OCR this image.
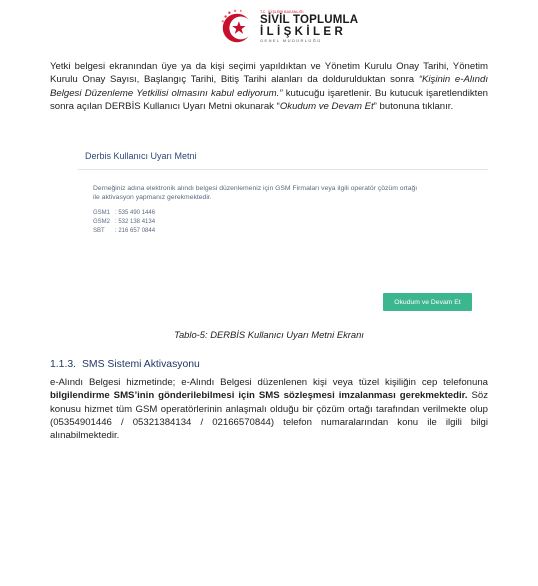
T.C. İÇİŞLERİ BAKANLIĞI
SİVİL TOPLUMLA
İLİŞKİLER
GENEL MÜDÜRLÜĞÜ
Yetki belgesi ekranından üye ya da kişi seçimi yapıldıktan ve Yönetim Kurulu Onay Tarihi, Yönetim Kurulu Onay Sayısı, Başlangıç Tarihi, Bitiş Tarihi alanları da doldurulduktan sonra “Kişinin e-Alındı Belgesi Düzenleme Yetkilisi olmasını kabul ediyorum.” kutucuğu işaretlenir. Bu kutucuk işaretlendikten sonra açılan DERBİS Kullanıcı Uyarı Metni okunarak “Okudum ve Devam Et” butonuna tıklanır.
Derbis Kullanıcı Uyarı Metni
Derneğiniz adına elektronik alındı belgesi düzenlemeniz için GSM Firmaları veya ilgili operatör çözüm ortağı ile aktivasyon yapmanız gerekmektedir.
GSM1 : 535 490 1446
GSM2 : 532 138 4134
SBT : 216 657 0844
Okudum ve Devam Et
Tablo-5: DERBİS Kullanıcı Uyarı Metni Ekranı
1.1.3. SMS Sistemi Aktivasyonu
e-Alındı Belgesi hizmetinde; e-Alındı Belgesi düzenlenen kişi veya tüzel kişiliğin cep telefonuna bilgilendirme SMS’inin gönderilebilmesi için SMS sözleşmesi imzalanması gerekmektedir. Söz konusu hizmet tüm GSM operatörlerinin anlaşmalı olduğu bir çözüm ortağı tarafından verilmekte olup (05354901446 / 05321384134 / 02166570844) telefon numaralarından konu ile ilgili bilgi alınabilmektedir.
